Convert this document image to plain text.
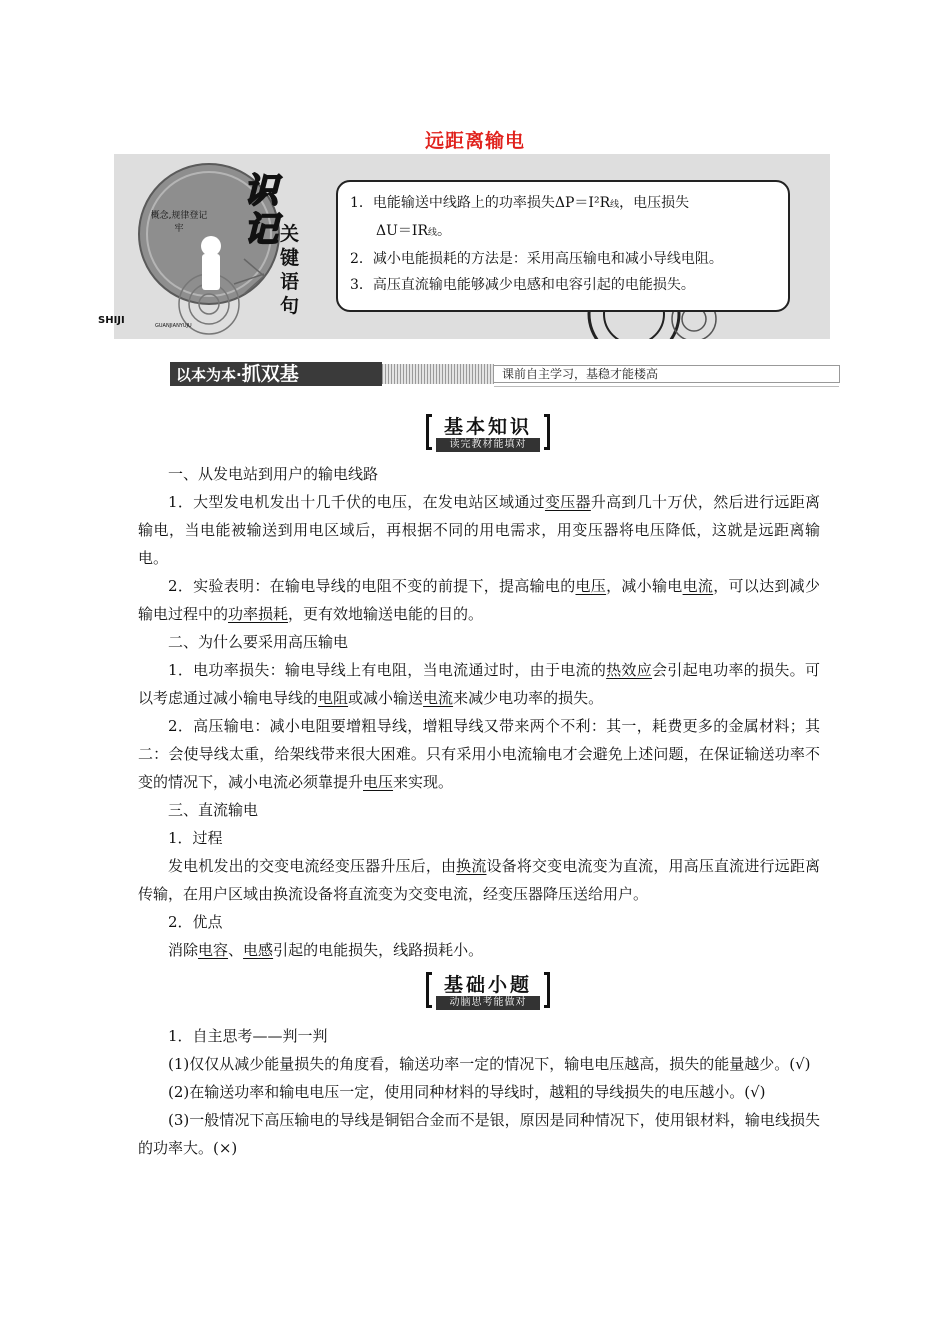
远距离输电
概念,规律登记牢
识
记 关键语句
SHIJI	GUANJIANYUJU
1．电能输送中线路上的功率损失ΔP＝I²R线，电压损失
ΔU＝IR线。
2．减小电能损耗的方法是：采用高压输电和减小导线电阻。
3．高压直流输电能够减少电感和电容引起的电能损失。
以本为本·抓双基	课前自主学习，基稳才能楼高
基本知识
读完教材能填对

一、从发电站到用户的输电线路

1．大型发电机发出十几千伏的电压，在发电站区域通过变压器升高到几十万伏，然后进行远距离输电，当电能被输送到用电区域后，再根据不同的用电需求，用变压器将电压降低，这就是远距离输电。

2．实验表明：在输电导线的电阻不变的前提下，提高输电的电压，减小输电电流，可以达到减少输电过程中的功率损耗，更有效地输送电能的目的。

二、为什么要采用高压输电

1．电功率损失：输电导线上有电阻，当电流通过时，由于电流的热效应会引起电功率的损失。可以考虑通过减小输电导线的电阻或减小输送电流来减少电功率的损失。

2．高压输电：减小电阻要增粗导线，增粗导线又带来两个不利：其一，耗费更多的金属材料；其二：会使导线太重，给架线带来很大困难。只有采用小电流输电才会避免上述问题，在保证输送功率不变的情况下，减小电流必须靠提升电压来实现。

三、直流输电

1．过程

发电机发出的交变电流经变压器升压后，由换流设备将交变电流变为直流，用高压直流进行远距离传输，在用户区域由换流设备将直流变为交变电流，经变压器降压送给用户。

2．优点

消除电容、电感引起的电能损失，线路损耗小。

基础小题
动脑思考能做对

1．自主思考——判一判

(1)仅仅从减少能量损失的角度看，输送功率一定的情况下，输电电压越高，损失的能量越少。(√)

(2)在输送功率和输电电压一定，使用同种材料的导线时，越粗的导线损失的电压越小。(√)

(3)一般情况下高压输电的导线是铜铝合金而不是银，原因是同种情况下，使用银材料，输电线损失的功率大。(×)
